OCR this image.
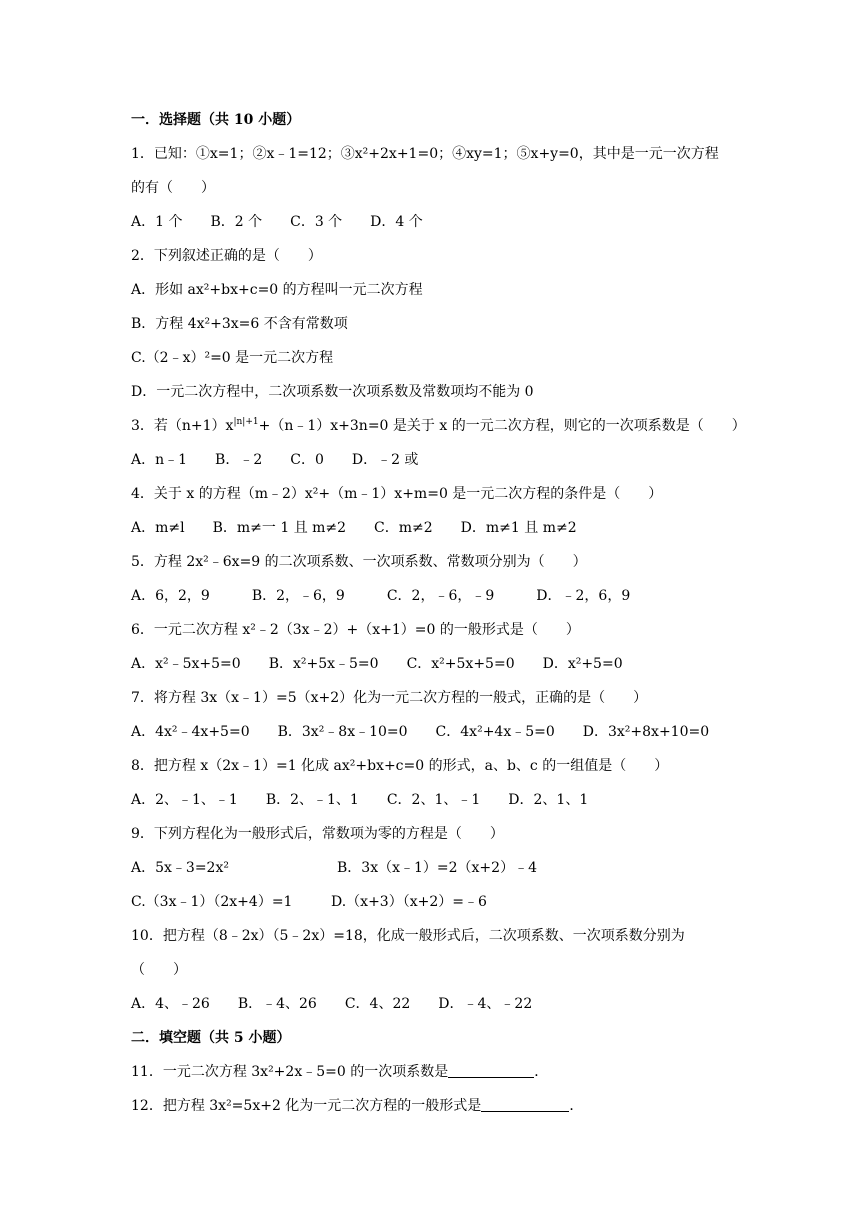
一．选择题（共 10 小题）
1．已知：①x=1；②x﹣1=12；③x²+2x+1=0；④xy=1；⑤x+y=0，其中是一元一次方程
的有（　　）
A．1 个　　B．2 个　　C．3 个　　D．4 个
2．下列叙述正确的是（　　）
A．形如 ax²+bx+c=0 的方程叫一元二次方程
B．方程 4x²+3x=6 不含有常数项
C.（2﹣x）²=0 是一元二次方程
D．一元二次方程中，二次项系数一次项系数及常数项均不能为 0
3．若$(n+1)x^{|n|+1}+(n﹣1)x+3n=0$ 是关于 x 的一元二次方程，则它的一次项系数是（　　）
A．n﹣1　　B．﹣2　　C．0　　D．﹣2 或
4．关于 x 的方程（m﹣2）x²+（m﹣1）x+m=0 是一元二次方程的条件是（　　）
A．m≠l　　B．m≠一 1 且 m≠2　　C．m≠2　　D．m≠1 且 m≠2
5．方程 2x²﹣6x=9 的二次项系数、一次项系数、常数项分别为（　　）
A．6，2，9　　　B．2，﹣6，9　　　C．2，﹣6，﹣9　　　D．﹣2，6，9
6．一元二次方程 x²﹣2（3x﹣2）+（x+1）=0 的一般形式是（　　）
A．x²﹣5x+5=0　　B．x²+5x﹣5=0　　C．x²+5x+5=0　　D．x²+5=0
7．将方程 3x（x﹣1）=5（x+2）化为一元二次方程的一般式，正确的是（　　）
A．4x²﹣4x+5=0　　B．3x²﹣8x﹣10=0　　C．4x²+4x﹣5=0　　D．3x²+8x+10=0
8．把方程 x（2x﹣1）=1 化成 ax²+bx+c=0 的形式，a、b、c 的一组值是（　　）
A．2、﹣1、﹣1　　B．2、﹣1、1　　C．2、1、﹣1　　D．2、1、1
9．下列方程化为一般形式后，常数项为零的方程是（　　）
A．5x﹣3=2x²	B．3x（x﹣1）=2（x+2）﹣4
C.（3x﹣1）（2x+4）=1	D.（x+3）（x+2）=﹣6
10．把方程（8﹣2x）（5﹣2x）=18，化成一般形式后，二次项系数、一次项系数分别为
（　　）
A．4、﹣26　　B．﹣4、26　　C．4、22　　D．﹣4、﹣22
二．填空题（共 5 小题）
11．一元二次方程 3x²+2x﹣5=0 的一次项系数是	．
12．把方程 3x²=5x+2 化为一元二次方程的一般形式是	．
